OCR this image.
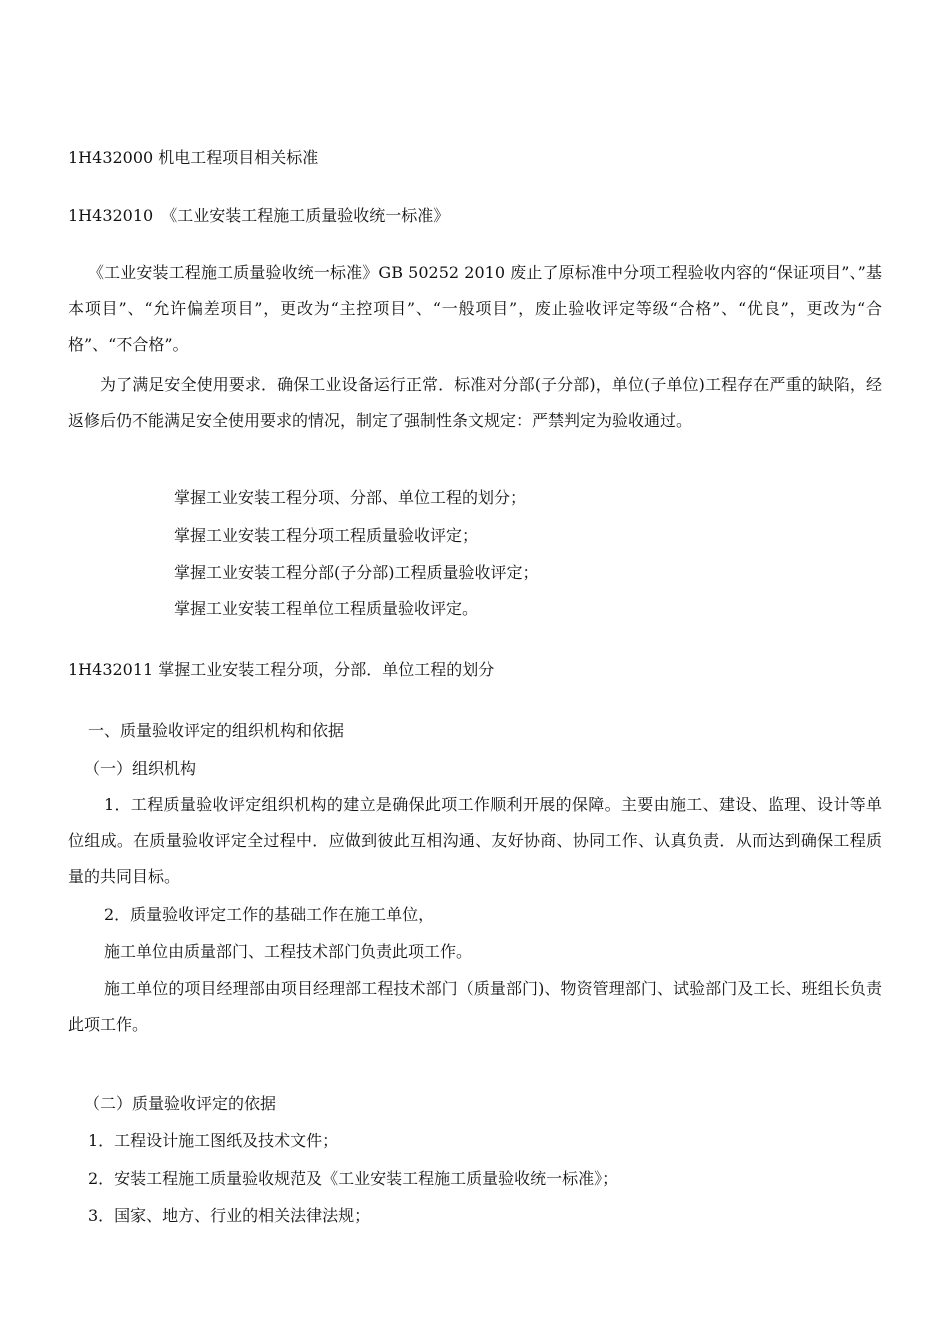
1H432000 机电工程项目相关标准
1H432010　《工业安装工程施工质量验收统一标准》
《工业安装工程施工质量验收统一标准》GB 50252 2010 废止了原标准中分项工程验收内容的“保证项目”、”基本项目”、“允许偏差项目”，更改为“主控项目”、“一般项目”，废止验收评定等级“合格”、“优良”，更改为“合格”、“不合格”。
为了满足安全使用要求．确保工业设备运行正常．标准对分部(子分部)，单位(子单位)工程存在严重的缺陷，经返修后仍不能满足安全使用要求的情况，制定了强制性条文规定：严禁判定为验收通过。
掌握工业安装工程分项、分部、单位工程的划分；
掌握工业安装工程分项工程质量验收评定；
掌握工业安装工程分部(子分部)工程质量验收评定；
掌握工业安装工程单位工程质量验收评定。
1H432011 掌握工业安装工程分项，分部．单位工程的划分
一、质量验收评定的组织机构和依据
（一）组织机构
1．工程质量验收评定组织机构的建立是确保此项工作顺利开展的保障。主要由施工、建设、监理、设计等单位组成。在质量验收评定全过程中．应做到彼此互相沟通、友好协商、协同工作、认真负责．从而达到确保工程质量的共同目标。
2．质量验收评定工作的基础工作在施工单位，
施工单位由质量部门、工程技术部门负责此项工作。
施工单位的项目经理部由项目经理部工程技术部门（质量部门)、物资管理部门、试验部门及工长、班组长负责此项工作。
（二）质量验收评定的依据
1．工程设计施工图纸及技术文件；
2．安装工程施工质量验收规范及《工业安装工程施工质量验收统一标准》；
3．国家、地方、行业的相关法律法规；
